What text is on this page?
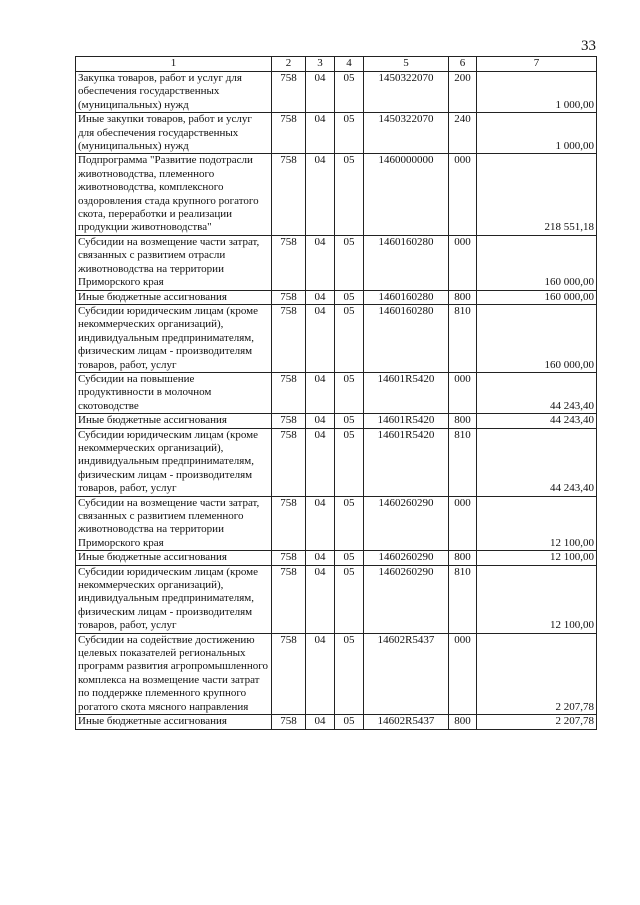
33
1	2	3	4	5	6	7
Закупка товаров, работ и услуг для обеспечения государственных (муниципальных) нужд	758	04	05	1450322070	200	1 000,00
Иные закупки товаров, работ и услуг для обеспечения государственных (муниципальных) нужд	758	04	05	1450322070	240	1 000,00
Подпрограмма "Развитие подотрасли животноводства, племенного животноводства, комплексного оздоровления стада крупного рогатого скота, переработки и реализации продукции животноводства"	758	04	05	1460000000	000	218 551,18
Субсидии на возмещение части затрат, связанных с развитием отрасли животноводства на территории Приморского края	758	04	05	1460160280	000	160 000,00
Иные бюджетные ассигнования	758	04	05	1460160280	800	160 000,00
Субсидии юридическим лицам (кроме некоммерческих организаций), индивидуальным предпринимателям, физическим лицам - производителям товаров, работ, услуг	758	04	05	1460160280	810	160 000,00
Субсидии на повышение продуктивности в молочном скотоводстве	758	04	05	14601R5420	000	44 243,40
Иные бюджетные ассигнования	758	04	05	14601R5420	800	44 243,40
Субсидии юридическим лицам (кроме некоммерческих организаций), индивидуальным предпринимателям, физическим лицам - производителям товаров, работ, услуг	758	04	05	14601R5420	810	44 243,40
Субсидии на возмещение части затрат, связанных с развитием племенного животноводства на территории Приморского края	758	04	05	1460260290	000	12 100,00
Иные бюджетные ассигнования	758	04	05	1460260290	800	12 100,00
Субсидии юридическим лицам (кроме некоммерческих организаций), индивидуальным предпринимателям, физическим лицам - производителям товаров, работ, услуг	758	04	05	1460260290	810	12 100,00
Субсидии на содействие достижению целевых показателей региональных программ развития агропромышленного комплекса на возмещение части затрат по поддержке племенного крупного рогатого скота мясного направления	758	04	05	14602R5437	000	2 207,78
Иные бюджетные ассигнования	758	04	05	14602R5437	800	2 207,78
